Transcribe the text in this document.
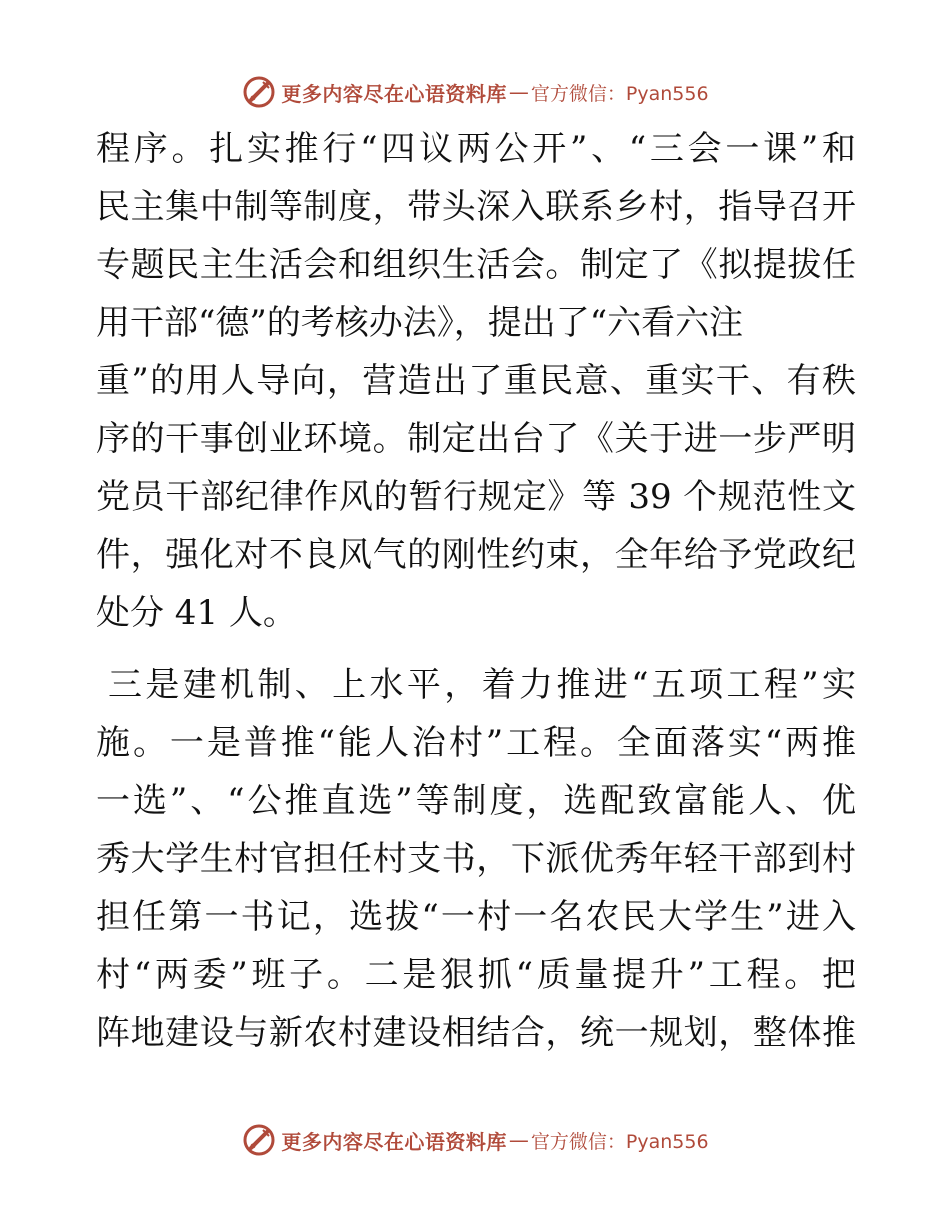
更多内容尽在心语资料库 — 官方微信：Pyan556
程序。扎实推行“四议两公开”、“三会一课”和
民主集中制等制度，带头深入联系乡村，指导召开
专题民主生活会和组织生活会。制定了《拟提拔任
用干部“德”的考核办法》，提出了“六看六注
重”的用人导向，营造出了重民意、重实干、有秩
序的干事创业环境。制定出台了《关于进一步严明
党员干部纪律作风的暂行规定》等 39 个规范性文
件，强化对不良风气的刚性约束，全年给予党政纪
处分 41 人。
三是建机制、上水平，着力推进“五项工程”实
施。一是普推“能人治村”工程。全面落实“两推
一选”、“公推直选”等制度，选配致富能人、优
秀大学生村官担任村支书，下派优秀年轻干部到村
担任第一书记，选拔“一村一名农民大学生”进入
村“两委”班子。二是狠抓“质量提升”工程。把
阵地建设与新农村建设相结合，统一规划，整体推
更多内容尽在心语资料库 — 官方微信：Pyan556
